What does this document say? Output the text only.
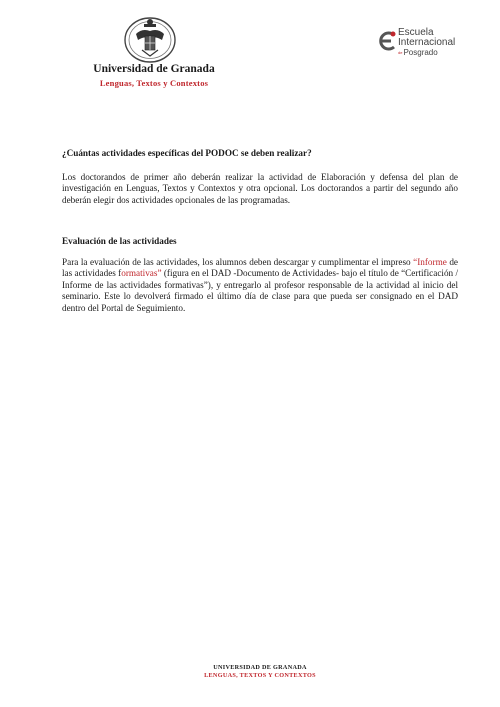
Universidad de Granada
Lenguas, Textos y Contextos
Escuela
Internacional
dePosgrado
¿Cuántas actividades específicas del PODOC se deben realizar?
Los doctorandos de primer año deberán realizar la actividad de Elaboración y defensa del plan de investigación en Lenguas, Textos y Contextos y otra opcional. Los doctorandos a partir del segundo año deberán elegir dos actividades opcionales de las programadas.
Evaluación de las actividades
Para la evaluación de las actividades, los alumnos deben descargar y cumplimentar el impreso “Informe de las actividades formativas” (figura en el DAD -Documento de Actividades- bajo el título de “Certificación / Informe de las actividades formativas”), y entregarlo al profesor responsable de la actividad al inicio del seminario. Este lo devolverá firmado el último día de clase para que pueda ser consignado en el DAD dentro del Portal de Seguimiento.
UNIVERSIDAD DE GRANADA
LENGUAS, TEXTOS Y CONTEXTOS
